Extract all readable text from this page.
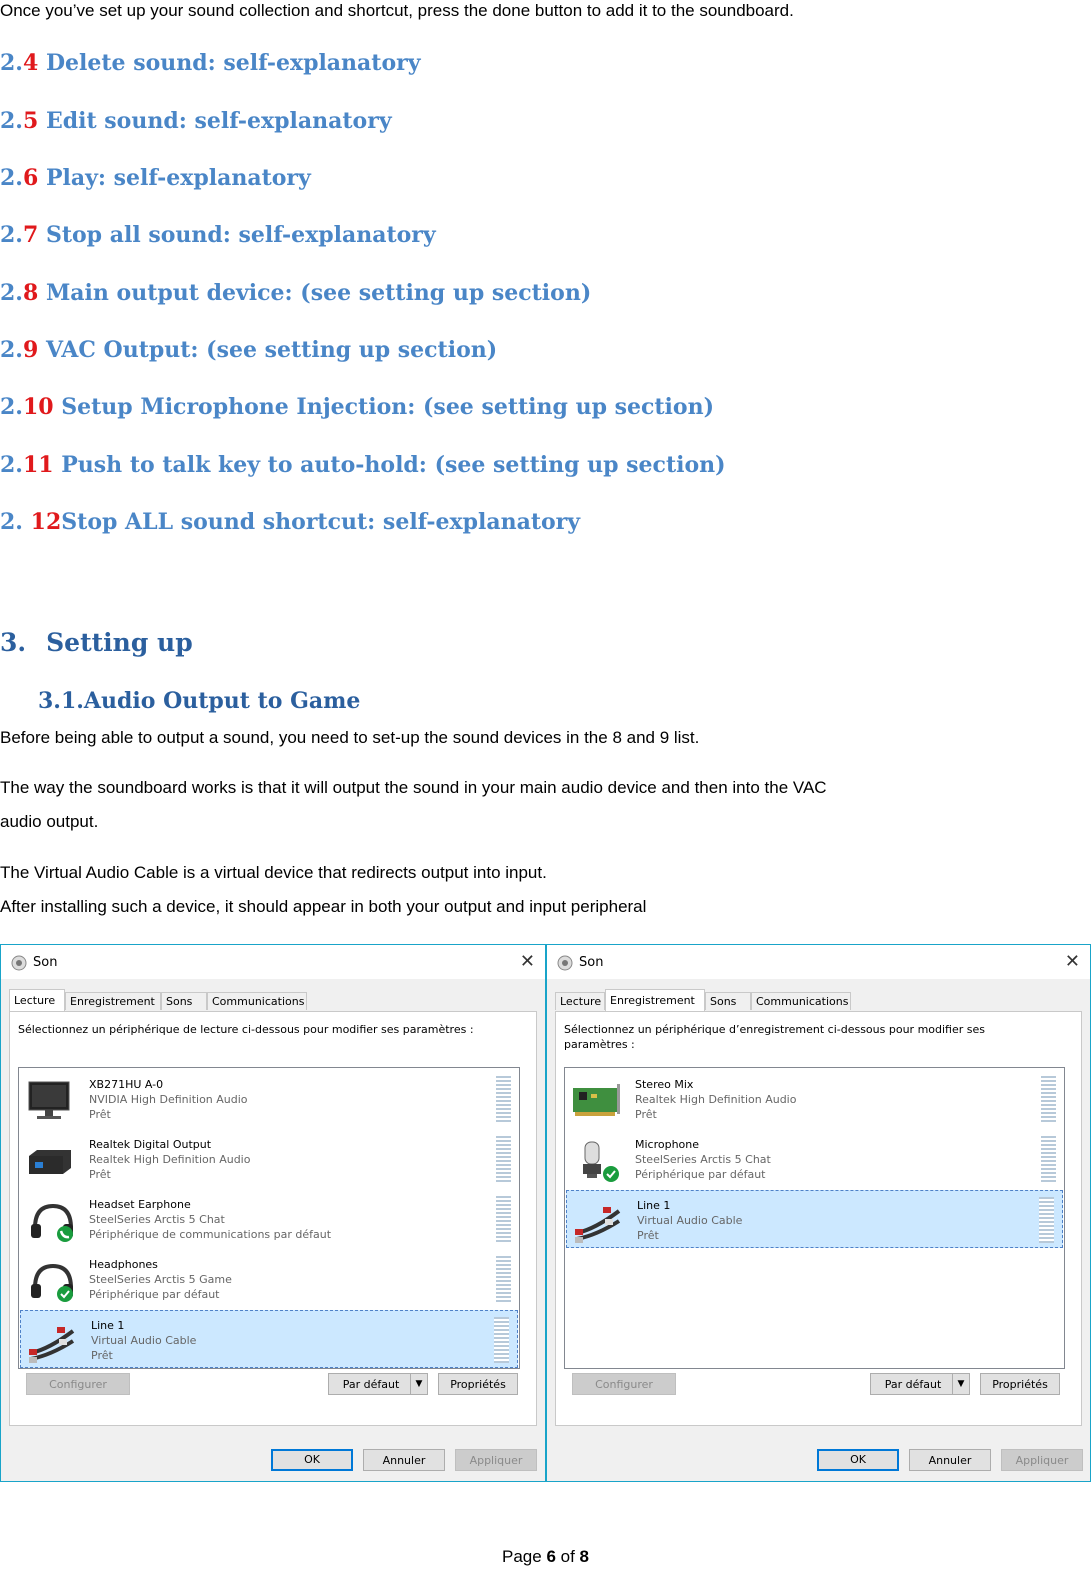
Once you’ve set up your sound collection and shortcut, press the done button to add it to the soundboard.
2.4 Delete sound: self-explanatory
2.5 Edit sound: self-explanatory
2.6 Play: self-explanatory
2.7 Stop all sound: self-explanatory
2.8 Main output device: (see setting up section)
2.9 VAC Output: (see setting up section)
2.10 Setup Microphone Injection: (see setting up section)
2.11 Push to talk key to auto-hold: (see setting up section)
2. 12Stop ALL sound shortcut: self-explanatory
3. Setting up
3.1.Audio Output to Game
Before being able to output a sound, you need to set-up the sound devices in the 8 and 9 list.
The way the soundboard works is that it will output the sound in your main audio device and then into the VAC
audio output.
The Virtual Audio Cable is a virtual device that redirects output into input.
After installing such a device, it should appear in both your output and input peripheral
Son	✕
Lecture	Enregistrement	Sons	Communications
Sélectionnez un périphérique de lecture ci-dessous pour modifier ses paramètres :
XB271HU A-0
NVIDIA High Definition Audio
Prêt
Realtek Digital Output
Realtek High Definition Audio
Prêt
Headset Earphone
SteelSeries Arctis 5 Chat
Périphérique de communications par défaut
Headphones
SteelSeries Arctis 5 Game
Périphérique par défaut
Line 1
Virtual Audio Cable
Prêt
Configurer	Par défaut	▼	Propriétés
OK	Annuler	Appliquer
Son	✕
Lecture Enregistrement	Sons	Communications
Sélectionnez un périphérique d’enregistrement ci-dessous pour modifier ses paramètres :
Stereo Mix
Realtek High Definition Audio
Prêt
Microphone
SteelSeries Arctis 5 Chat
Périphérique par défaut
Line 1
Virtual Audio Cable
Prêt
Configurer	Par défaut	▼	Propriétés
OK	Annuler	Appliquer
Page 6 of 8
